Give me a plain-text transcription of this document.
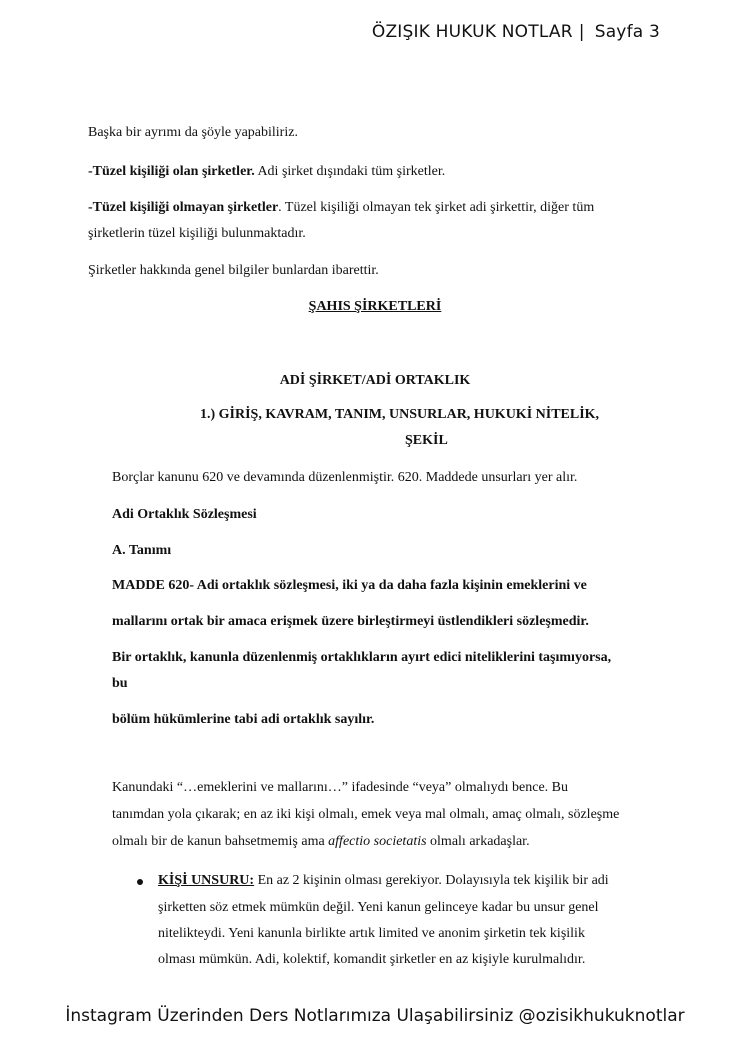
ÖZIŞIK HUKUK NOTLAR | Sayfa 3
Başka bir ayrımı da şöyle yapabiliriz.
-Tüzel kişiliği olan şirketler. Adi şirket dışındaki tüm şirketler.
-Tüzel kişiliği olmayan şirketler. Tüzel kişiliği olmayan tek şirket adi şirkettir, diğer tüm
şirketlerin tüzel kişiliği bulunmaktadır.
Şirketler hakkında genel bilgiler bunlardan ibarettir.
ŞAHIS ŞİRKETLERİ
ADİ ŞİRKET/ADİ ORTAKLIK
1.) GİRİŞ, KAVRAM, TANIM, UNSURLAR, HUKUKİ NİTELİK,
ŞEKİL
Borçlar kanunu 620 ve devamında düzenlenmiştir. 620. Maddede unsurları yer alır.
Adi Ortaklık Sözleşmesi
A. Tanımı
MADDE 620- Adi ortaklık sözleşmesi, iki ya da daha fazla kişinin emeklerini ve
mallarını ortak bir amaca erişmek üzere birleştirmeyi üstlendikleri sözleşmedir.
Bir ortaklık, kanunla düzenlenmiş ortaklıkların ayırt edici niteliklerini taşımıyorsa,
bu
bölüm hükümlerine tabi adi ortaklık sayılır.
Kanundaki “…emeklerini ve mallarını…” ifadesinde “veya” olmalıydı bence. Bu
tanımdan yola çıkarak; en az iki kişi olmalı, emek veya mal olmalı, amaç olmalı, sözleşme
olmalı bir de kanun bahsetmemiş ama affectio societatis olmalı arkadaşlar.
KİŞİ UNSURU: En az 2 kişinin olması gerekiyor. Dolayısıyla tek kişilik bir adi
şirketten söz etmek mümkün değil. Yeni kanun gelinceye kadar bu unsur genel
nitelikteydi. Yeni kanunla birlikte artık limited ve anonim şirketin tek kişilik
olması mümkün. Adi, kolektif, komandit şirketler en az kişiyle kurulmalıdır.
İnstagram Üzerinden Ders Notlarımıza Ulaşabilirsiniz @ozisikhukuknotlar
